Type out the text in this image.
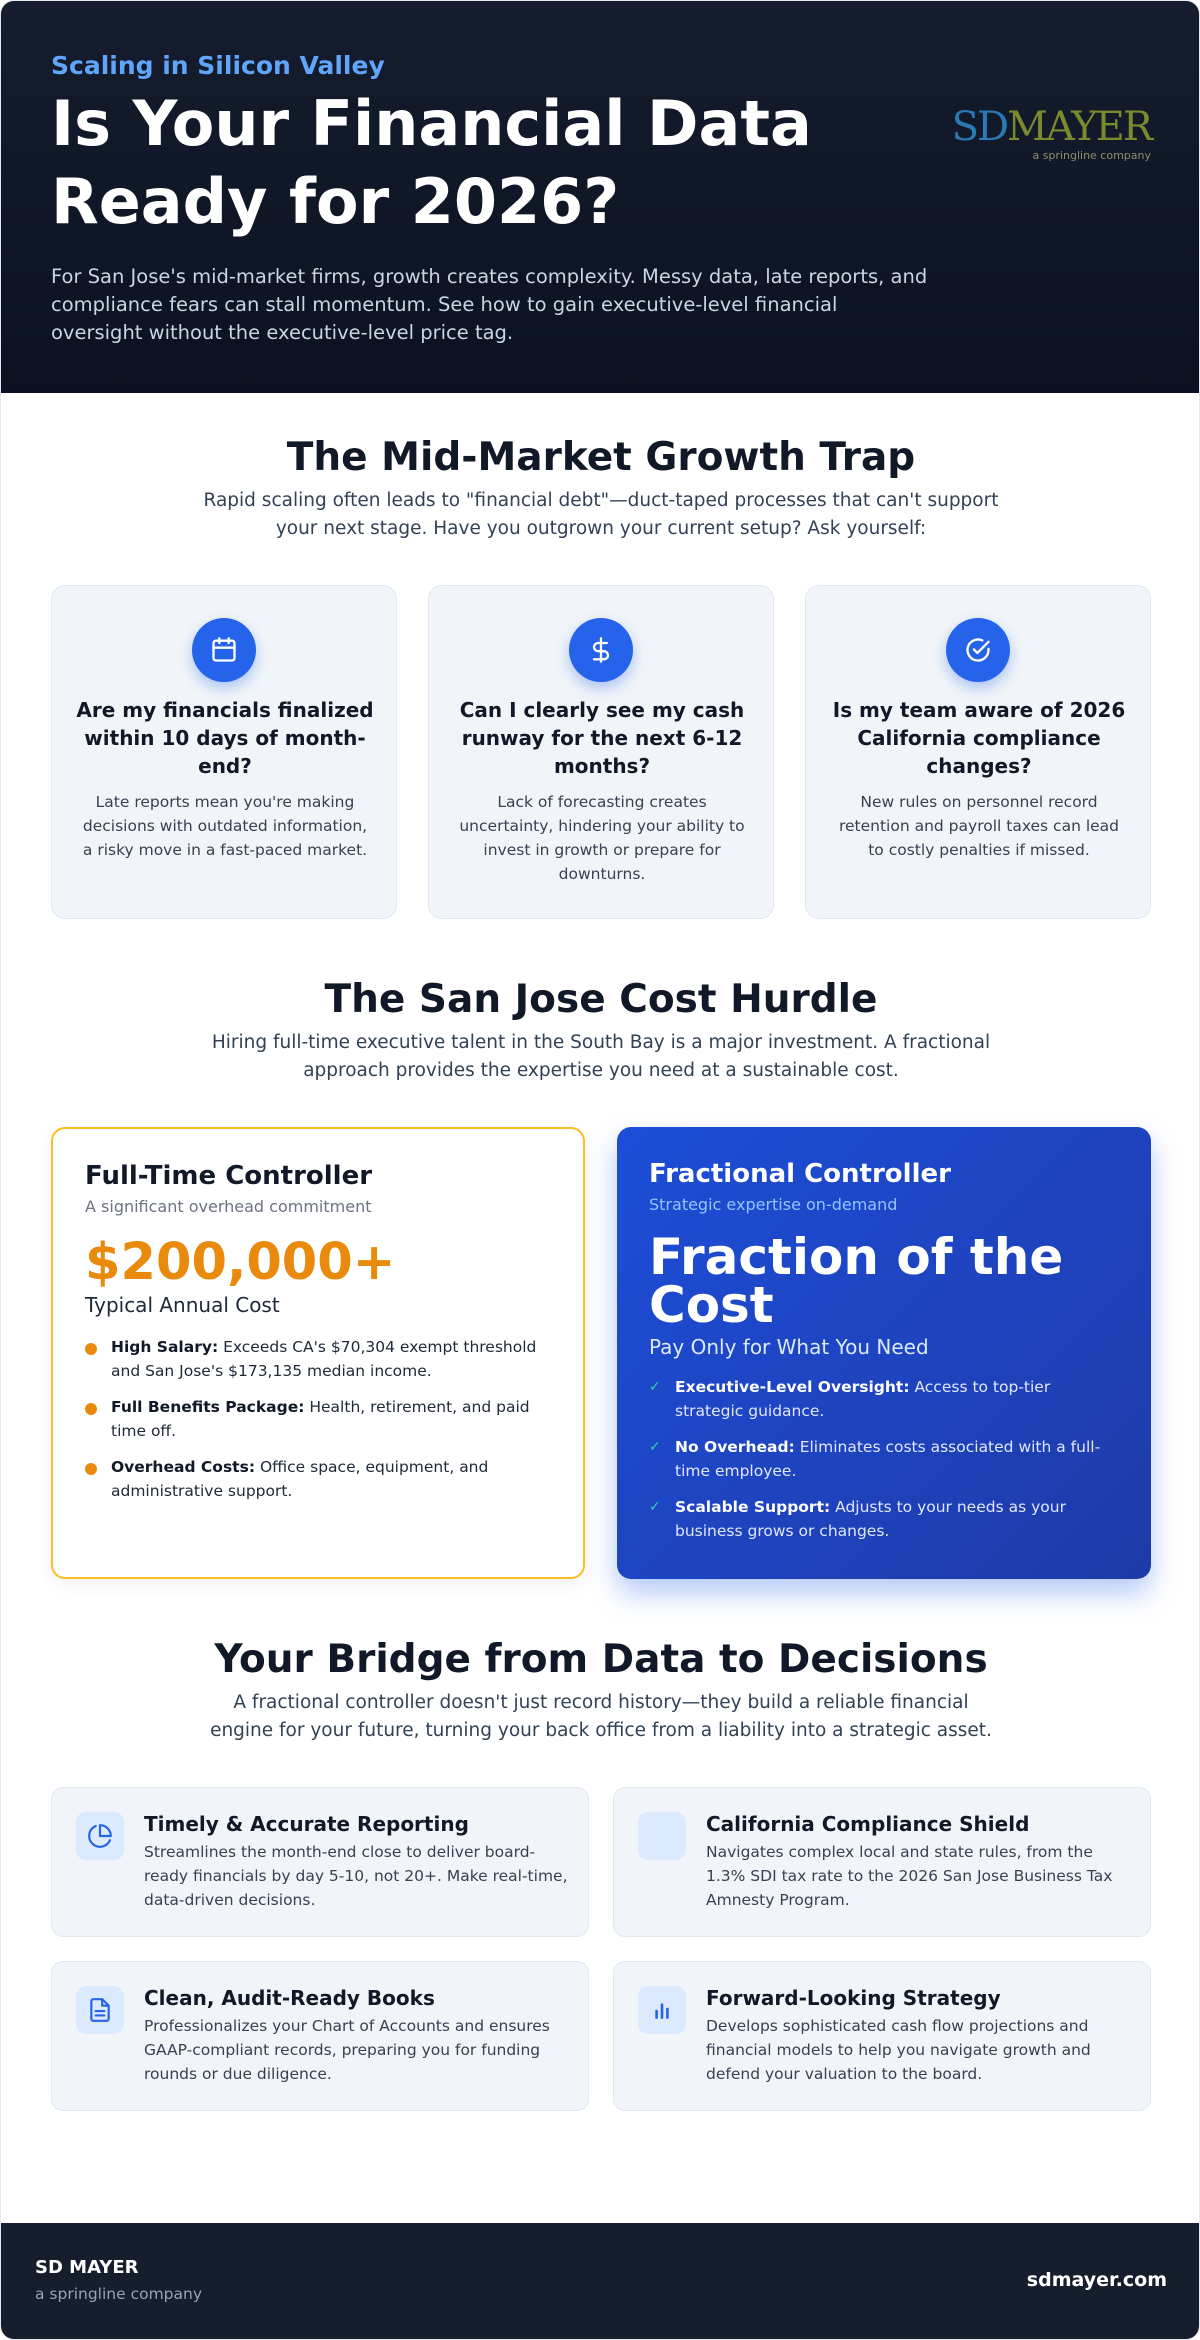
Scaling in Silicon Valley
Is Your Financial Data Ready for 2026?
For San Jose's mid-market firms, growth creates complexity. Messy data, late reports, and compliance fears can stall momentum. See how to gain executive-level financial oversight without the executive-level price tag.
SDMAYER
a springline company
The Mid-Market Growth Trap
Rapid scaling often leads to "financial debt"—duct-taped processes that can't support your next stage. Have you outgrown your current setup? Ask yourself:
Are my financials finalized within 10 days of month-end?
Late reports mean you're making decisions with outdated information, a risky move in a fast-paced market.
Can I clearly see my cash runway for the next 6-12 months?
Lack of forecasting creates uncertainty, hindering your ability to invest in growth or prepare for downturns.
Is my team aware of 2026 California compliance changes?
New rules on personnel record retention and payroll taxes can lead to costly penalties if missed.
The San Jose Cost Hurdle
Hiring full-time executive talent in the South Bay is a major investment. A fractional approach provides the expertise you need at a sustainable cost.
Full-Time Controller
A significant overhead commitment
$200,000+
Typical Annual Cost
High Salary: Exceeds CA's $70,304 exempt threshold and San Jose's $173,135 median income.
Full Benefits Package: Health, retirement, and paid time off.
Overhead Costs: Office space, equipment, and administrative support.
Fractional Controller
Strategic expertise on-demand
Fraction of the Cost
Pay Only for What You Need
✓ Executive-Level Oversight: Access to top-tier strategic guidance.
✓ No Overhead: Eliminates costs associated with a full-time employee.
✓ Scalable Support: Adjusts to your needs as your business grows or changes.
Your Bridge from Data to Decisions
A fractional controller doesn't just record history—they build a reliable financial engine for your future, turning your back office from a liability into a strategic asset.
Timely & Accurate Reporting
Streamlines the month-end close to deliver board-ready financials by day 5-10, not 20+. Make real-time, data-driven decisions.
California Compliance Shield
Navigates complex local and state rules, from the 1.3% SDI tax rate to the 2026 San Jose Business Tax Amnesty Program.
Clean, Audit-Ready Books
Professionalizes your Chart of Accounts and ensures GAAP-compliant records, preparing you for funding rounds or due diligence.
Forward-Looking Strategy
Develops sophisticated cash flow projections and financial models to help you navigate growth and defend your valuation to the board.
SD MAYER
a springline company
sdmayer.com
